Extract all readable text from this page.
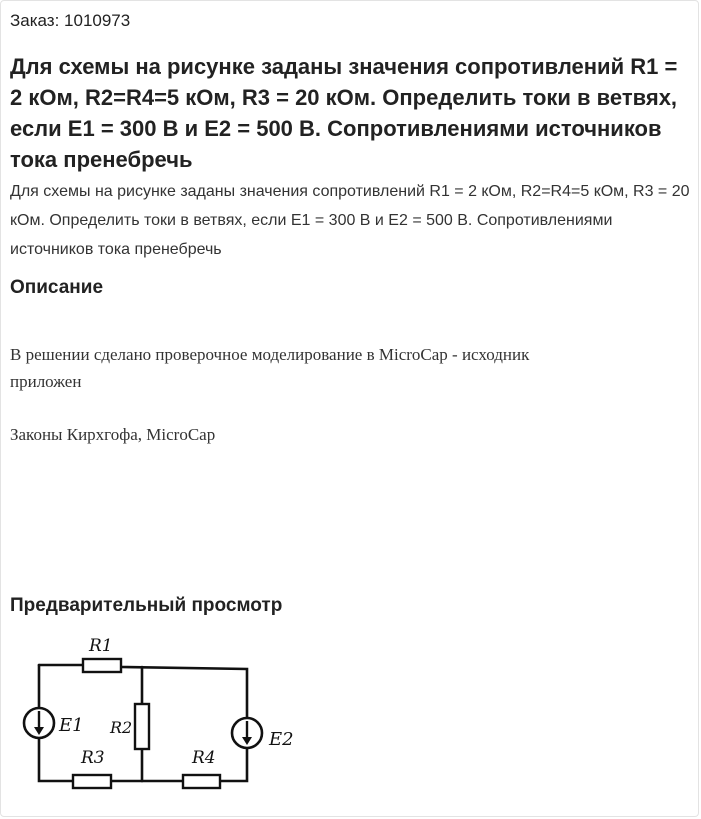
Заказ: 1010973
Для схемы на рисунке заданы значения сопротивлений R1 = 2 кОм, R2=R4=5 кОм, R3 = 20 кОм. Определить токи в ветвях, если E1 = 300 В и E2 = 500 В. Сопротивлениями источников тока пренебречь

Для схемы на рисунке заданы значения сопротивлений R1 = 2 кОм, R2=R4=5 кОм, R3 = 20 кОм. Определить токи в ветвях, если E1 = 300 В и E2 = 500 В. Сопротивлениями источников тока пренебречь

Описание

В решении сделано проверочное моделирование в MicroCap - исходник приложен

Законы Кирхгофа, MicroCap

Предварительный просмотр
R1
R2
R3	R4
E1
E2
